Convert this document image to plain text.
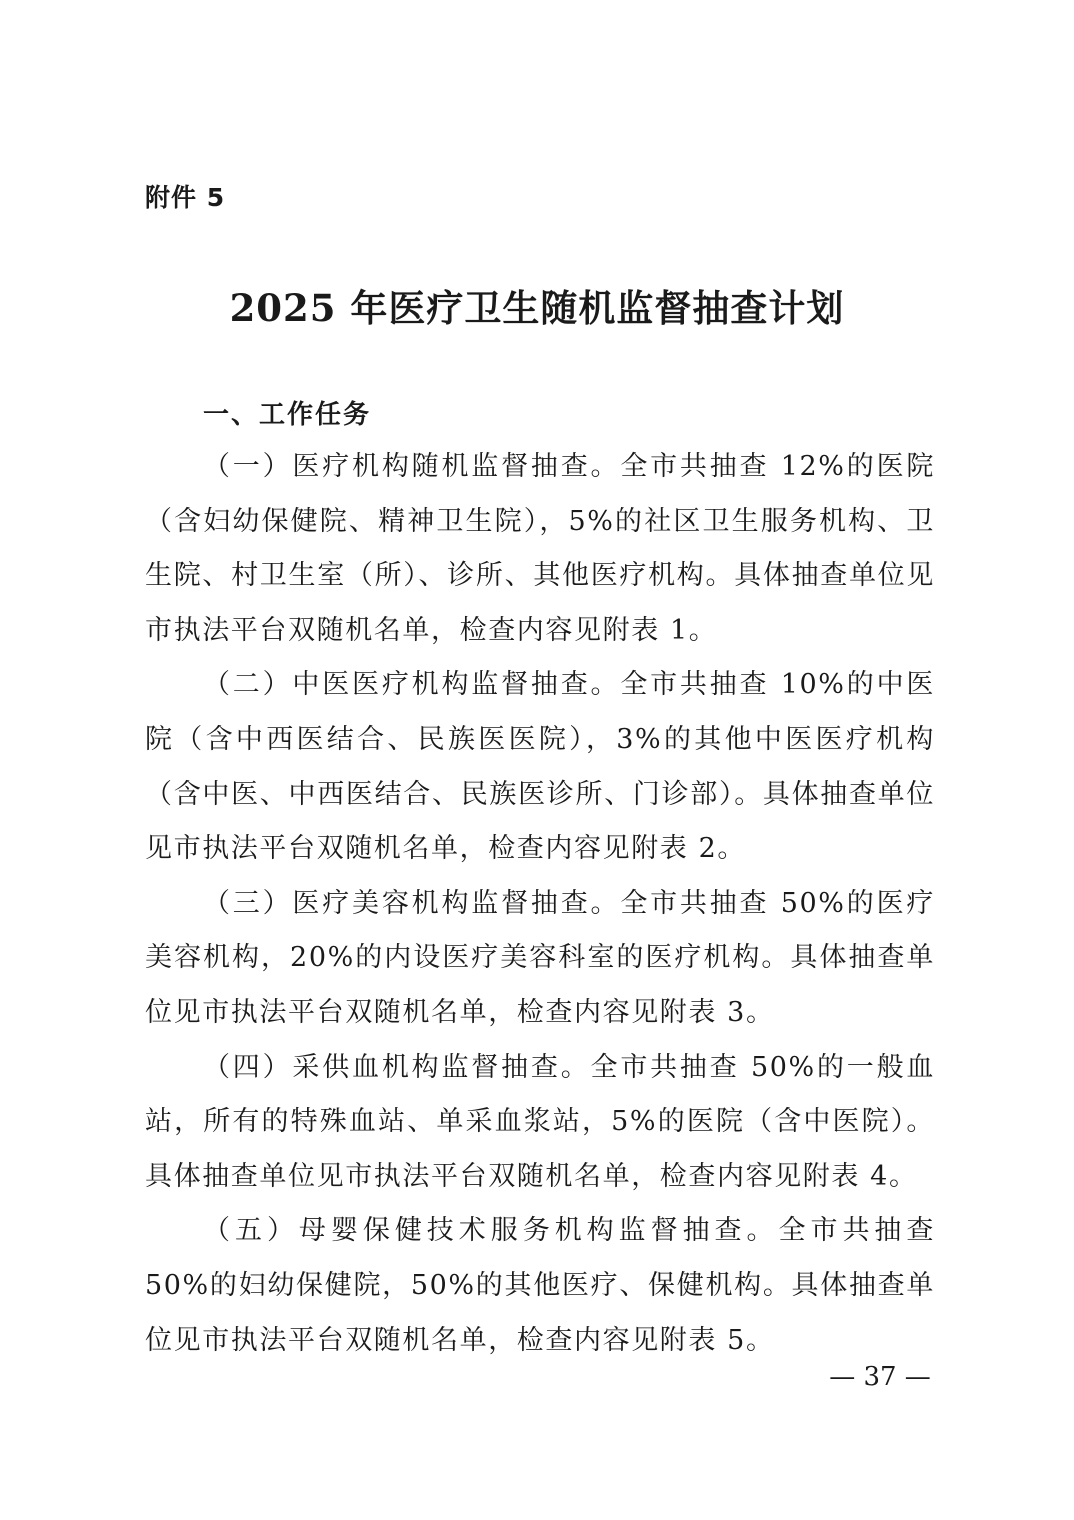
附件 5
2025 年医疗卫生随机监督抽查计划
一、工作任务

（一）医疗机构随机监督抽查。全市共抽查 12%的医院（含妇幼保健院、精神卫生院），5%的社区卫生服务机构、卫生院、村卫生室（所）、诊所、其他医疗机构。具体抽查单位见市执法平台双随机名单，检查内容见附表 1。

（二）中医医疗机构监督抽查。全市共抽查 10%的中医院（含中西医结合、民族医医院），3%的其他中医医疗机构（含中医、中西医结合、民族医诊所、门诊部）。具体抽查单位见市执法平台双随机名单，检查内容见附表 2。

（三）医疗美容机构监督抽查。全市共抽查 50%的医疗美容机构，20%的内设医疗美容科室的医疗机构。具体抽查单位见市执法平台双随机名单，检查内容见附表 3。

（四）采供血机构监督抽查。全市共抽查 50%的一般血站，所有的特殊血站、单采血浆站，5%的医院（含中医院）。具体抽查单位见市执法平台双随机名单，检查内容见附表 4。

（五）母婴保健技术服务机构监督抽查。全市共抽查 50%的妇幼保健院，50%的其他医疗、保健机构。具体抽查单位见市执法平台双随机名单，检查内容见附表 5。

— 37 —
